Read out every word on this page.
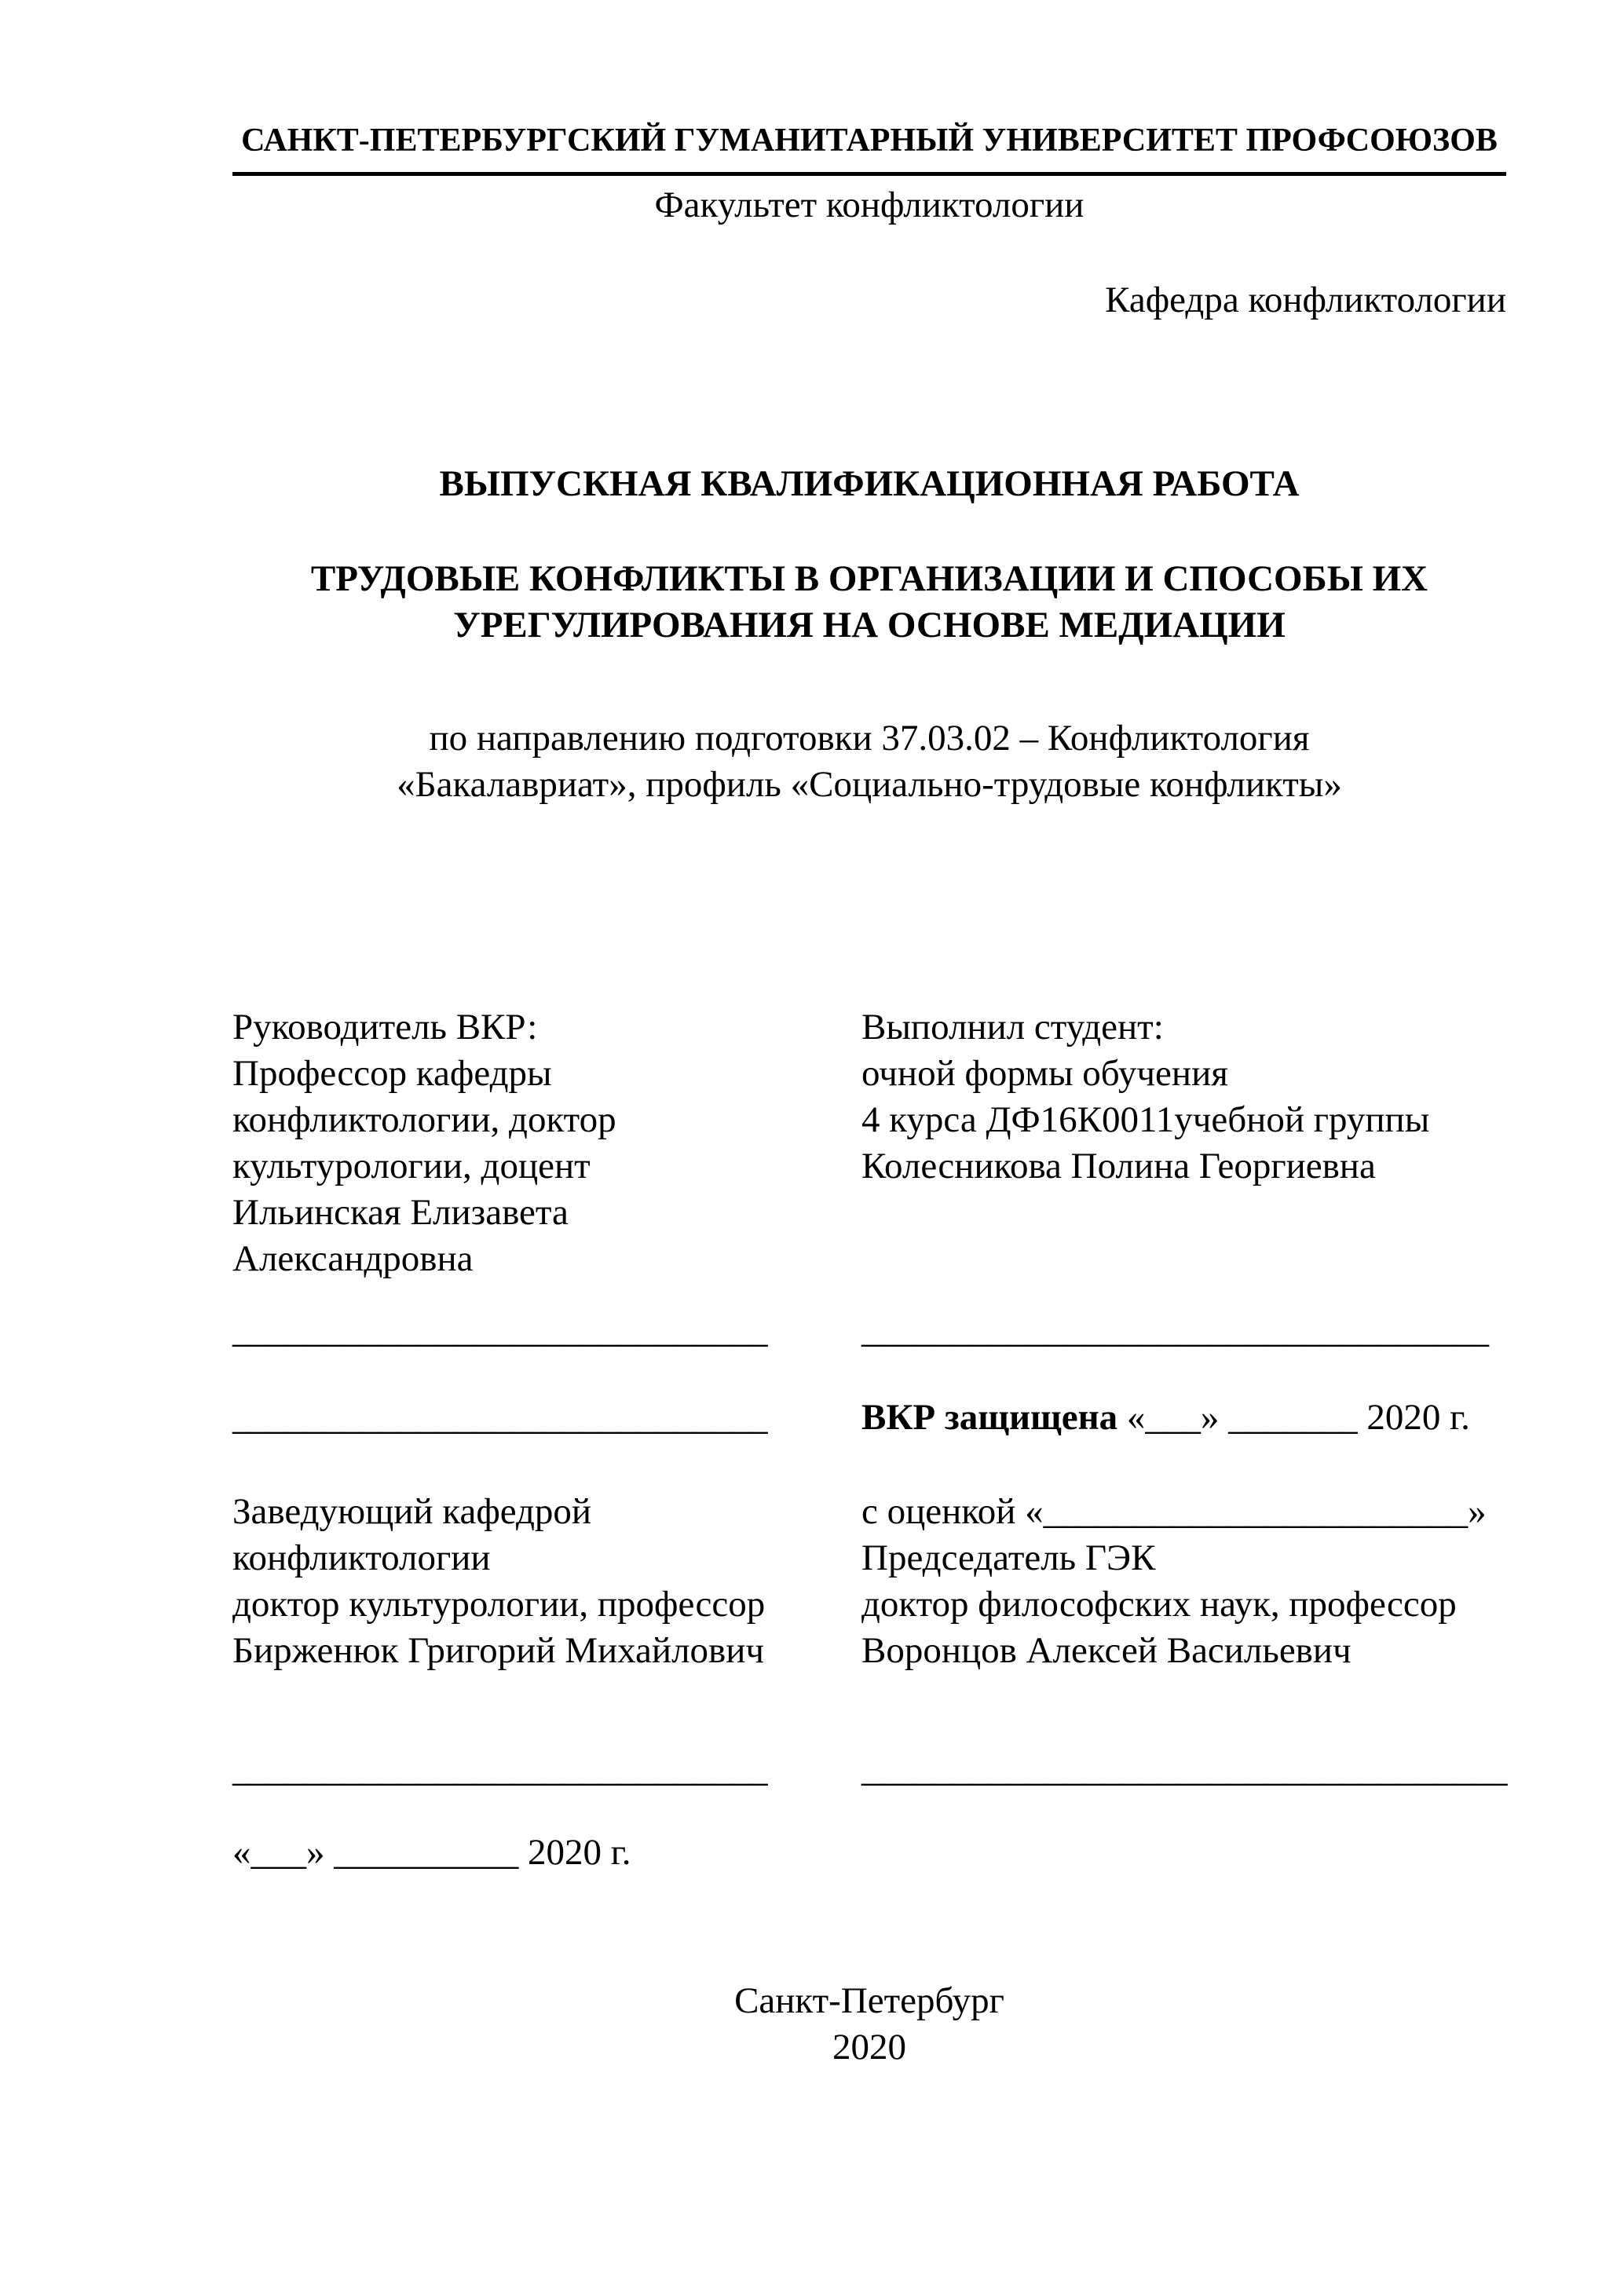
САНКТ-ПЕТЕРБУРГСКИЙ ГУМАНИТАРНЫЙ УНИВЕРСИТЕТ ПРОФСОЮЗОВ
Факультет конфликтологии
Кафедра конфликтологии
ВЫПУСКНАЯ КВАЛИФИКАЦИОННАЯ РАБОТА
ТРУДОВЫЕ КОНФЛИКТЫ В ОРГАНИЗАЦИИ И СПОСОБЫ ИХ
УРЕГУЛИРОВАНИЯ НА ОСНОВЕ МЕДИАЦИИ
по направлению подготовки 37.03.02 – Конфликтология
«Бакалавриат», профиль «Социально-трудовые конфликты»
Руководитель ВКР:
Профессор кафедры
конфликтологии, доктор
культурологии, доцент
Ильинская Елизавета
Александровна
_____________________________
_____________________________
Заведующий кафедрой
конфликтологии
доктор культурологии, профессор
Бирженюк Григорий Михайлович
_____________________________
«___» __________ 2020 г.
Выполнил студент:
очной формы обучения
4 курса ДФ16К0011учебной группы
Колесникова Полина Георгиевна
__________________________________
ВКР защищена «___» _______ 2020 г.
с оценкой «_______________________»
Председатель ГЭК
доктор философских наук, профессор
Воронцов Алексей Васильевич
___________________________________
Санкт-Петербург
2020
